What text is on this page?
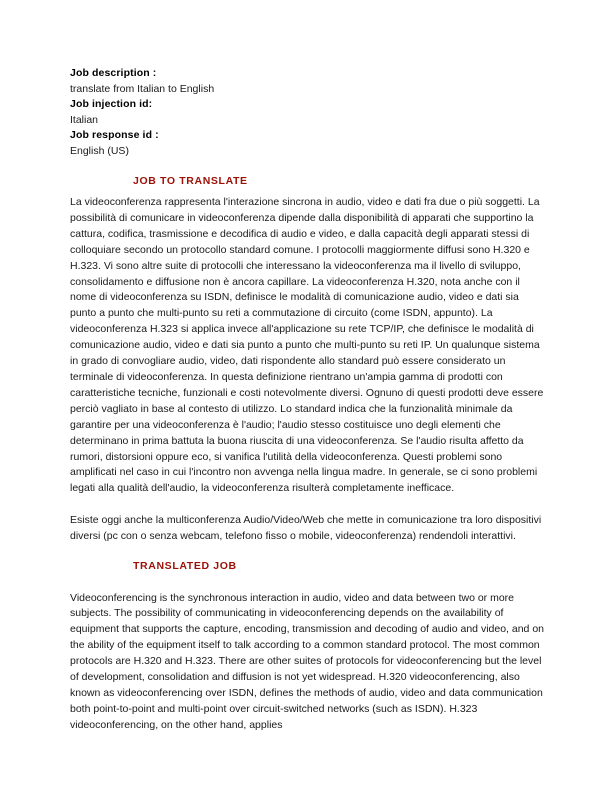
Job description :
translate from Italian to English
Job injection id:
Italian
Job response id :
English (US)
JOB TO TRANSLATE

La videoconferenza rappresenta l'interazione sincrona in audio, video e dati fra due o più soggetti. La possibilità di comunicare in videoconferenza dipende dalla disponibilità di apparati che supportino la cattura, codifica, trasmissione e decodifica di audio e video, e dalla capacità degli apparati stessi di colloquiare secondo un protocollo standard comune. I protocolli maggiormente diffusi sono H.320 e H.323. Vi sono altre suite di protocolli che interessano la videoconferenza ma il livello di sviluppo, consolidamento e diffusione non è ancora capillare. La videoconferenza H.320, nota anche con il nome di videoconferenza su ISDN, definisce le modalità di comunicazione audio, video e dati sia punto a punto che multi-punto su reti a commutazione di circuito (come ISDN, appunto). La videoconferenza H.323 si applica invece all'applicazione su rete TCP/IP, che definisce le modalità di comunicazione audio, video e dati sia punto a punto che multi-punto su reti IP. Un qualunque sistema in grado di convogliare audio, video, dati rispondente allo standard può essere considerato un terminale di videoconferenza. In questa definizione rientrano un'ampia gamma di prodotti con caratteristiche tecniche, funzionali e costi notevolmente diversi. Ognuno di questi prodotti deve essere perciò vagliato in base al contesto di utilizzo. Lo standard indica che la funzionalità minimale da garantire per una videoconferenza è l'audio; l'audio stesso costituisce uno degli elementi che determinano in prima battuta la buona riuscita di una videoconferenza. Se l'audio risulta affetto da rumori, distorsioni oppure eco, si vanifica l'utilità della videoconferenza. Questi problemi sono amplificati nel caso in cui l'incontro non avvenga nella lingua madre. In generale, se ci sono problemi legati alla qualità dell'audio, la videoconferenza risulterà completamente inefficace.

Esiste oggi anche la multiconferenza Audio/Video/Web che mette in comunicazione tra loro dispositivi diversi (pc con o senza webcam, telefono fisso o mobile, videoconferenza) rendendoli interattivi.

TRANSLATED JOB

Videoconferencing is the synchronous interaction in audio, video and data between two or more subjects. The possibility of communicating in videoconferencing depends on the availability of equipment that supports the capture, encoding, transmission and decoding of audio and video, and on the ability of the equipment itself to talk according to a common standard protocol. The most common protocols are H.320 and H.323. There are other suites of protocols for videoconferencing but the level of development, consolidation and diffusion is not yet widespread. H.320 videoconferencing, also known as videoconferencing over ISDN, defines the methods of audio, video and data communication both point-to-point and multi-point over circuit-switched networks (such as ISDN). H.323 videoconferencing, on the other hand, applies
